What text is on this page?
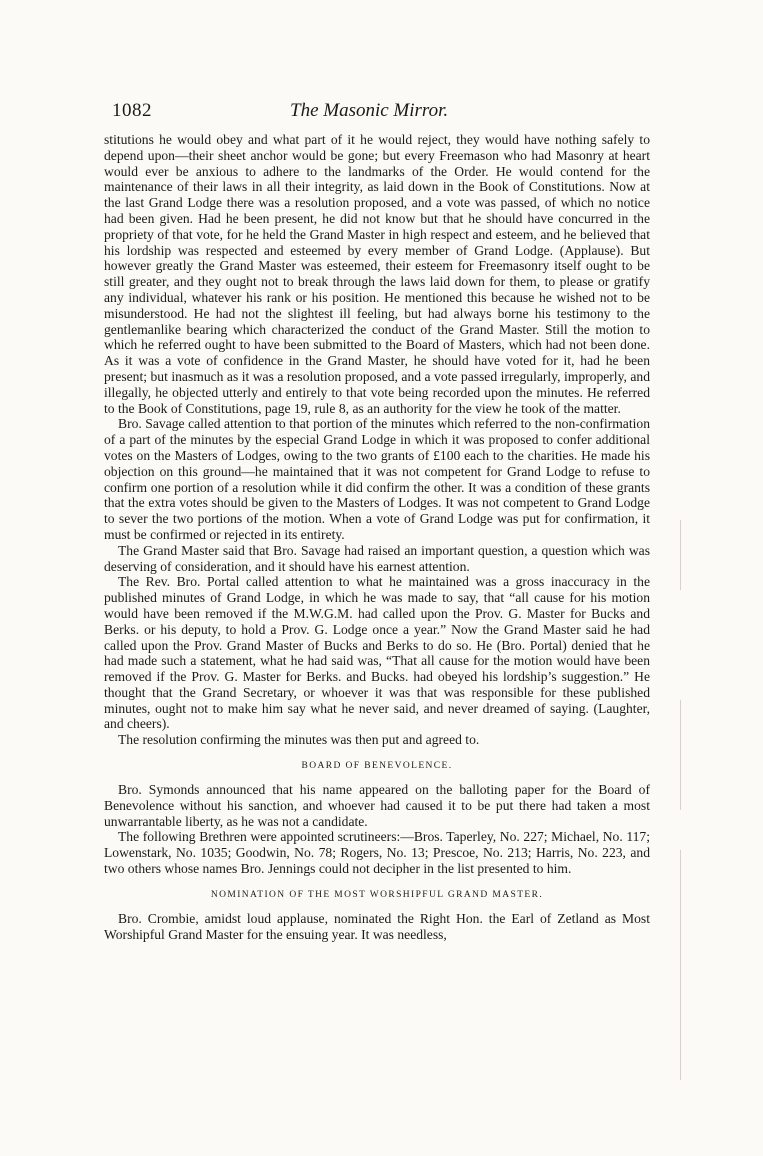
1082	The Masonic Mirror.

stitutions he would obey and what part of it he would reject, they would have nothing safely to depend upon—their sheet anchor would be gone; but every Freemason who had Masonry at heart would ever be anxious to adhere to the landmarks of the Order. He would contend for the maintenance of their laws in all their integrity, as laid down in the Book of Constitutions. Now at the last Grand Lodge there was a resolution proposed, and a vote was passed, of which no notice had been given. Had he been present, he did not know but that he should have concurred in the propriety of that vote, for he held the Grand Master in high respect and esteem, and he believed that his lordship was respected and esteemed by every member of Grand Lodge. (Applause). But however greatly the Grand Master was esteemed, their esteem for Freemasonry itself ought to be still greater, and they ought not to break through the laws laid down for them, to please or gratify any individual, whatever his rank or his position. He mentioned this because he wished not to be misunderstood. He had not the slightest ill feeling, but had always borne his testimony to the gentlemanlike bearing which characterized the conduct of the Grand Master. Still the motion to which he referred ought to have been submitted to the Board of Masters, which had not been done. As it was a vote of confidence in the Grand Master, he should have voted for it, had he been present; but inasmuch as it was a resolution proposed, and a vote passed irregularly, improperly, and illegally, he objected utterly and entirely to that vote being recorded upon the minutes. He referred to the Book of Constitutions, page 19, rule 8, as an authority for the view he took of the matter.

Bro. Savage called attention to that portion of the minutes which referred to the non-confirmation of a part of the minutes by the especial Grand Lodge in which it was proposed to confer additional votes on the Masters of Lodges, owing to the two grants of £100 each to the charities. He made his objection on this ground—he maintained that it was not competent for Grand Lodge to refuse to confirm one portion of a resolution while it did confirm the other. It was a condition of these grants that the extra votes should be given to the Masters of Lodges. It was not competent to Grand Lodge to sever the two portions of the motion. When a vote of Grand Lodge was put for confirmation, it must be confirmed or rejected in its entirety.

The Grand Master said that Bro. Savage had raised an important question, a question which was deserving of consideration, and it should have his earnest attention.

The Rev. Bro. Portal called attention to what he maintained was a gross inaccuracy in the published minutes of Grand Lodge, in which he was made to say, that “all cause for his motion would have been removed if the M.W.G.M. had called upon the Prov. G. Master for Bucks and Berks. or his deputy, to hold a Prov. G. Lodge once a year.” Now the Grand Master said he had called upon the Prov. Grand Master of Bucks and Berks to do so. He (Bro. Portal) denied that he had made such a statement, what he had said was, “That all cause for the motion would have been removed if the Prov. G. Master for Berks. and Bucks. had obeyed his lordship’s suggestion.” He thought that the Grand Secretary, or whoever it was that was responsible for these published minutes, ought not to make him say what he never said, and never dreamed of saying. (Laughter, and cheers).

The resolution confirming the minutes was then put and agreed to.

BOARD OF BENEVOLENCE.

Bro. Symonds announced that his name appeared on the balloting paper for the Board of Benevolence without his sanction, and whoever had caused it to be put there had taken a most unwarrantable liberty, as he was not a candidate.

The following Brethren were appointed scrutineers:—Bros. Taperley, No. 227; Michael, No. 117; Lowenstark, No. 1035; Goodwin, No. 78; Rogers, No. 13; Prescoe, No. 213; Harris, No. 223, and two others whose names Bro. Jennings could not decipher in the list presented to him.

NOMINATION OF THE MOST WORSHIPFUL GRAND MASTER.

Bro. Crombie, amidst loud applause, nominated the Right Hon. the Earl of Zetland as Most Worshipful Grand Master for the ensuing year. It was needless,
